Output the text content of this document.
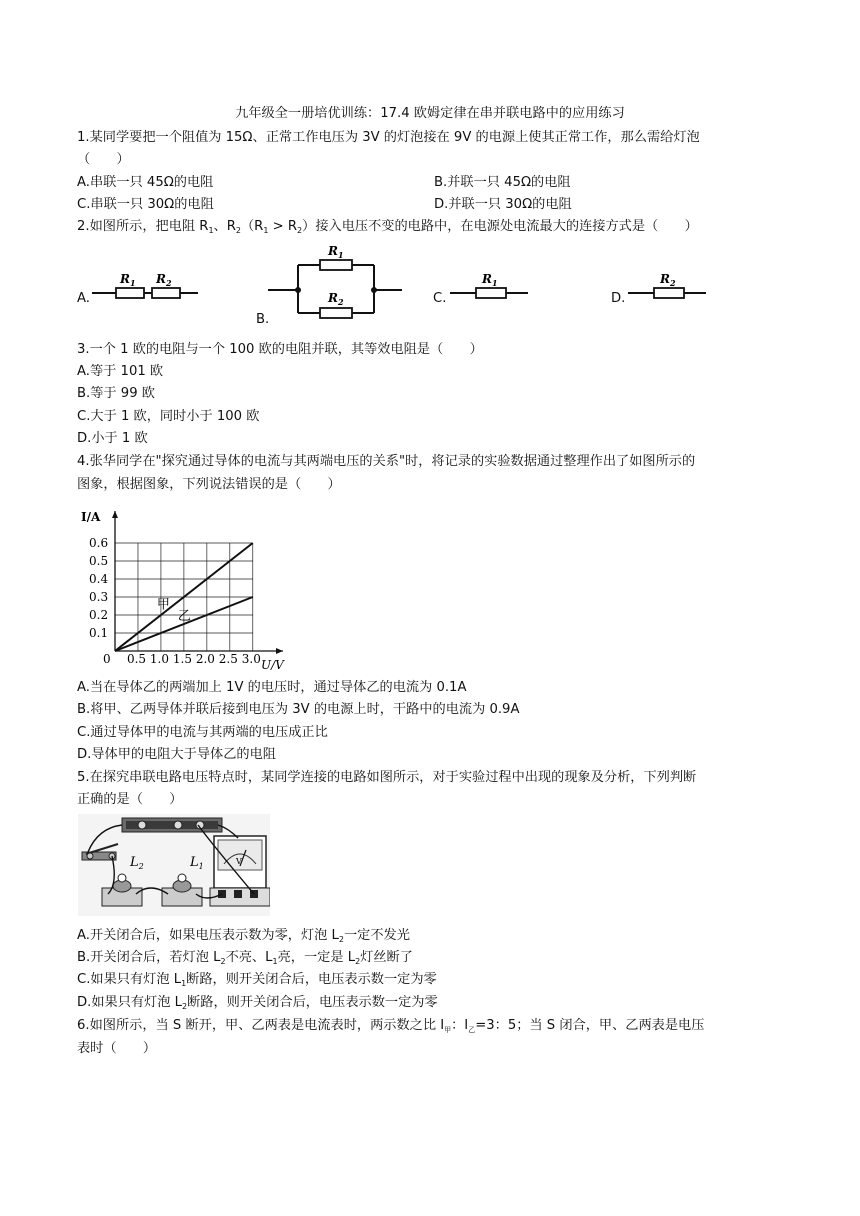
九年级全一册培优训练：17.4 欧姆定律在串并联电路中的应用练习
1.某同学要把一个阻值为 15Ω、正常工作电压为 3V 的灯泡接在 9V 的电源上使其正常工作，那么需给灯泡
（　　）
A.串联一只 45Ω的电阻	B.并联一只 45Ω的电阻
C.串联一只 30Ω的电阻	D.并联一只 30Ω的电阻
2.如图所示，把电阻 $R_1$、$R_2(R_1 > R_2)$接入电压不变的电路中，在电源处电流最大的连接方式是（　　）
A.
B.
C.	D.
$R_1$ $R_2$
$R_1$
$R_2$
$R_1$	$R_2$
3.一个 1 欧的电阻与一个 100 欧的电阻并联，其等效电阻是（　　）
A.等于 101 欧
B.等于 99 欧
C.大于 1 欧，同时小于 100 欧
D.小于 1 欧
4.张华同学在"探究通过导体的电流与其两端电压的关系"时，将记录的实验数据通过整理作出了如图所示的
图象，根据图象，下列说法错误的是（　　）
0.5 1.0 1.5 2.0 2.5 3.0
0.1
0.2
0.3
0.4
0.5
0.6
0
I/A
U/V
甲
乙
A.当在导体乙的两端加上 1V 的电压时，通过导体乙的电流为 0.1A
B.将甲、乙两导体并联后接到电压为 3V 的电源上时，干路中的电流为 0.9A
C.通过导体甲的电流与其两端的电压成正比
D.导体甲的电阻大于导体乙的电阻
5.在探究串联电路电压特点时，某同学连接的电路如图所示，对于实验过程中出现的现象及分析，下列判断
正确的是（　　）
V
$L_2$	$L_1$
A.开关闭合后，如果电压表示数为零，灯泡 $L_2$一定不发光
B.开关闭合后，若灯泡 $L_2$不亮、$L_1$亮，一定是 $L_2$灯丝断了
C.如果只有灯泡 $L_1$断路，则开关闭合后，电压表示数一定为零
D.如果只有灯泡 $L_2$断路，则开关闭合后，电压表示数一定为零
6.如图所示，当 S 断开，甲、乙两表是电流表时，两示数之比 $I_甲$：$I_乙=3$：5；当 S 闭合，甲、乙两表是电压
表时（　　）
